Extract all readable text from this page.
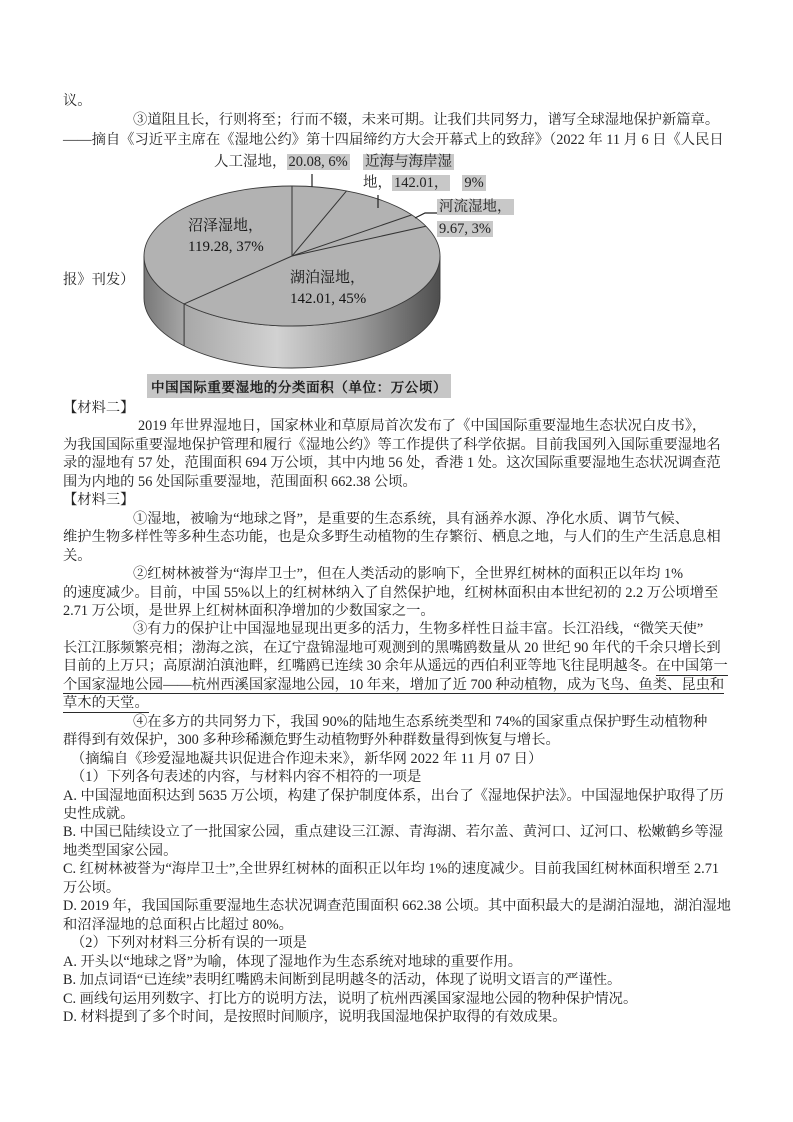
议。
③道阻且长，行则将至；行而不辍，未来可期。让我们共同努力，谱写全球湿地保护新篇章。
——摘自《习近平主席在《湿地公约》第十四届缔约方大会开幕式上的致辞》（2022 年 11 月 6 日《人民日
人工湿地， 20.08, 6% 近海与海岸湿
地， 142.01， 9%
河流湿地，
9.67, 3%
沼泽湿地，
119.28, 37%
湖泊湿地，
142.01, 45%
报》刊发）
中国国际重要湿地的分类面积（单位：万公顷）
【材料二】
2019 年世界湿地日，国家林业和草原局首次发布了《中国国际重要湿地生态状况白皮书》，
为我国国际重要湿地保护管理和履行《湿地公约》等工作提供了科学依据。目前我国列入国际重要湿地名
录的湿地有 57 处，范围面积 694 万公顷，其中内地 56 处，香港 1 处。这次国际重要湿地生态状况调查范
围为内地的 56 处国际重要湿地，范围面积 662.38 公顷。
【材料三】
①湿地，被喻为“地球之肾”，是重要的生态系统，具有涵养水源、净化水质、调节气候、
维护生物多样性等多种生态功能，也是众多野生动植物的生存繁衍、栖息之地，与人们的生产生活息息相
关。
②红树林被誉为“海岸卫士”，但在人类活动的影响下，全世界红树林的面积正以年均 1%
的速度减少。目前，中国 55%以上的红树林纳入了自然保护地，红树林面积由本世纪初的 2.2 万公顷增至
2.71 万公顷，是世界上红树林面积净增加的少数国家之一。
③有力的保护让中国湿地显现出更多的活力，生物多样性日益丰富。长江沿线，“微笑天使”
长江江豚频繁亮相；渤海之滨，在辽宁盘锦湿地可观测到的黑嘴鸥数量从 20 世纪 90 年代的千余只增长到
目前的上万只；高原湖泊滇池畔，红嘴鸥已连续 30 余年从遥远的西伯利亚等地飞往昆明越冬。在中国第一
个国家湿地公园——杭州西溪国家湿地公园，10 年来，增加了近 700 种动植物，成为飞鸟、鱼类、昆虫和
草木的天堂。
④在多方的共同努力下，我国 90%的陆地生态系统类型和 74%的国家重点保护野生动植物种
群得到有效保护，300 多种珍稀濒危野生动植物野外种群数量得到恢复与增长。
（摘编自《珍爱湿地凝共识促进合作迎未来》，新华网 2022 年 11 月 07 日）
（1）下列各句表述的内容，与材料内容不相符的一项是
A. 中国湿地面积达到 5635 万公顷，构建了保护制度体系，出台了《湿地保护法》。中国湿地保护取得了历
史性成就。
B. 中国已陆续设立了一批国家公园，重点建设三江源、青海湖、若尔盖、黄河口、辽河口、松嫩鹤乡等湿
地类型国家公园。
C. 红树林被誉为“海岸卫士”,全世界红树林的面积正以年均 1%的速度减少。目前我国红树林面积增至 2.71
万公顷。
D. 2019 年，我国国际重要湿地生态状况调查范围面积 662.38 公顷。其中面积最大的是湖泊湿地，湖泊湿地
和沼泽湿地的总面积占比超过 80%。
（2）下列对材料三分析有误的一项是
A. 开头以“地球之肾”为喻，体现了湿地作为生态系统对地球的重要作用。
B. 加点词语“已连续”表明红嘴鸥未间断到昆明越冬的活动，体现了说明文语言的严谨性。
C. 画线句运用列数字、打比方的说明方法，说明了杭州西溪国家湿地公园的物种保护情况。
D. 材料提到了多个时间，是按照时间顺序，说明我国湿地保护取得的有效成果。
